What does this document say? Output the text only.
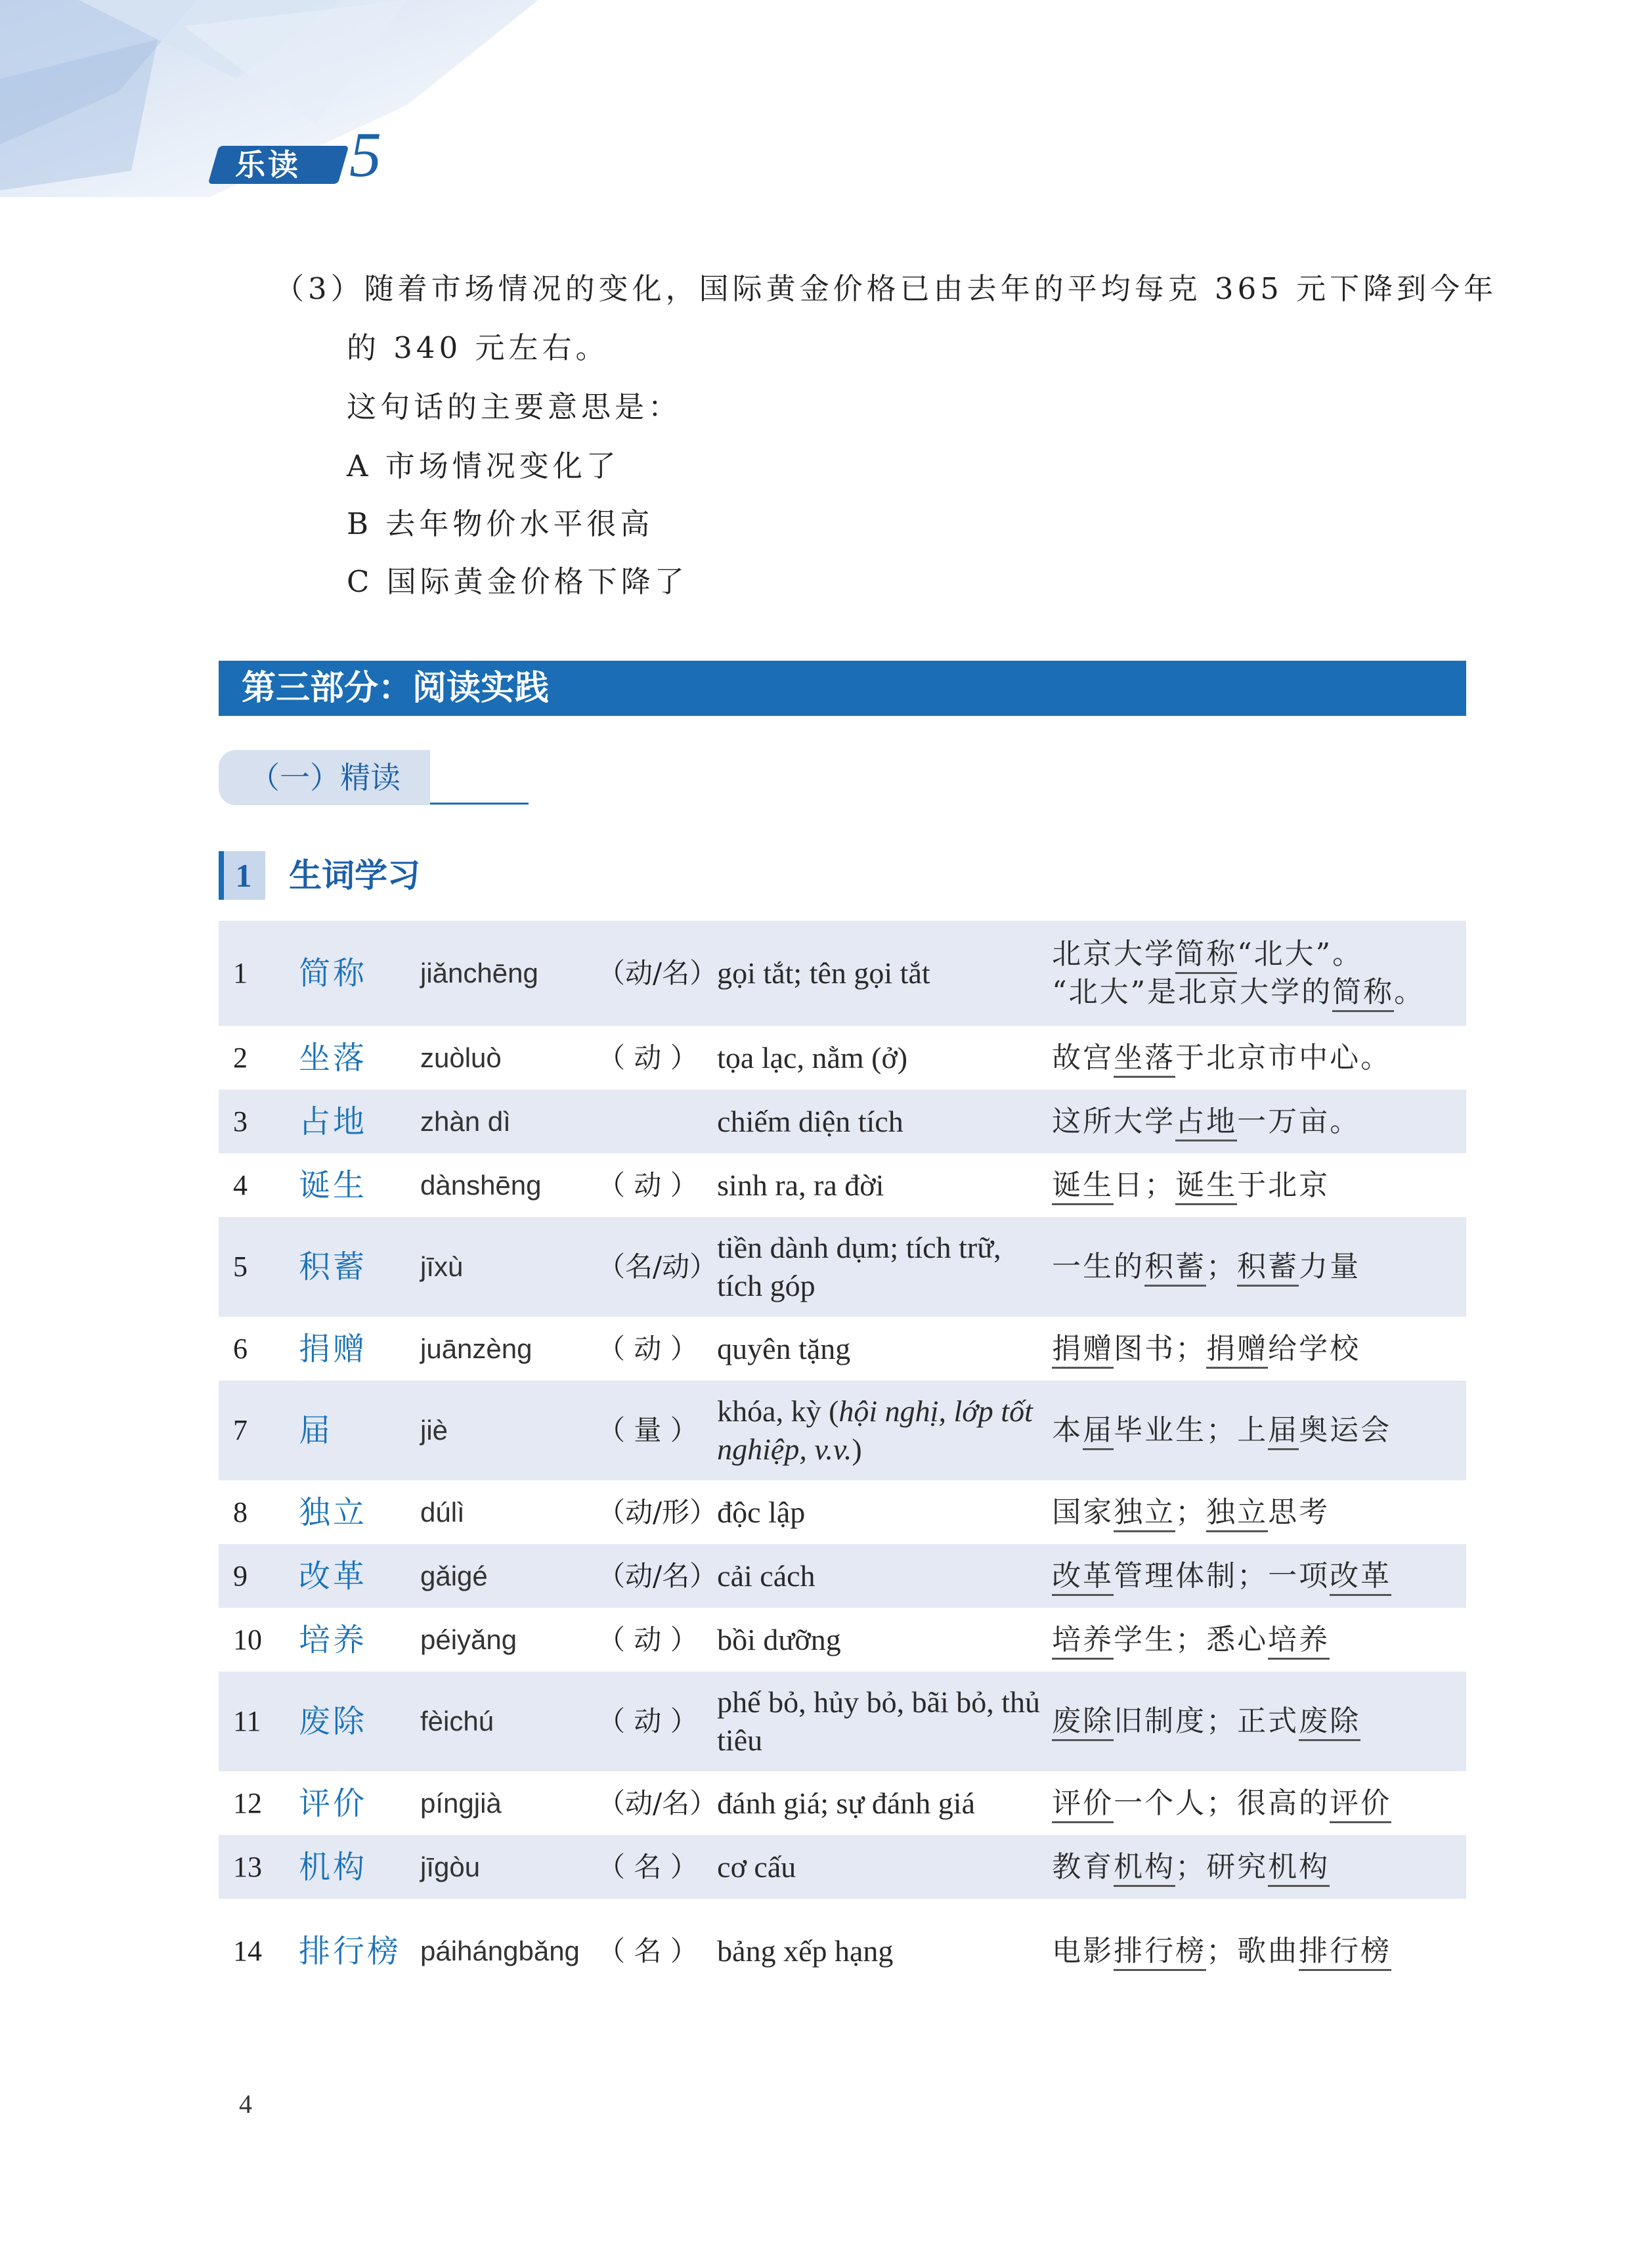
乐读 5
（3）随着市场情况的变化，国际黄金价格已由去年的平均每克 365 元下降到今年
的 340 元左右。
这句话的主要意思是：
A 市场情况变化了
B 去年物价水平很高
C 国际黄金价格下降了
第三部分：阅读实践
（一）精读
1	生词学习
1	简称	jiǎnchēng	（动/名）	gọi tắt; tên gọi tắt	北京大学简称“北大”。
“北大”是北京大学的简称。

2	坐落	zuòluò	（ 动 ）	tọa lạc, nằm (ở)	故宫坐落于北京市中心。
3	占地	zhàn dì		chiếm diện tích	这所大学占地一万亩。
4	诞生	dànshēng	（ 动 ）	sinh ra, ra đời	诞生日；诞生于北京
5	积蓄	jīxù	（名/动）	tiền dành dụm; tích trữ, tích góp	一生的积蓄；积蓄力量
6	捐赠	juānzèng	（ 动 ）	quyên tặng	捐赠图书；捐赠给学校
7	届	jiè	（ 量 ）	khóa, kỳ (hội nghị, lớp tốt nghiệp, v.v.)	本届毕业生；上届奥运会
8	独立	dúlì	（动/形）	độc lập	国家独立；独立思考
9	改革	gǎigé	（动/名）	cải cách	改革管理体制；一项改革
10	培养	péiyǎng	（ 动 ）	bồi dưỡng	培养学生；悉心培养
11	废除	fèichú	（ 动 ）	phế bỏ, hủy bỏ, bãi bỏ, thủ tiêu	废除旧制度；正式废除
12	评价	píngjià	（动/名）	đánh giá; sự đánh giá	评价一个人；很高的评价
13	机构	jīgòu	（ 名 ）	cơ cấu	教育机构；研究机构
14	排行榜	páihángbǎng	（ 名 ）	bảng xếp hạng	电影排行榜；歌曲排行榜
4
